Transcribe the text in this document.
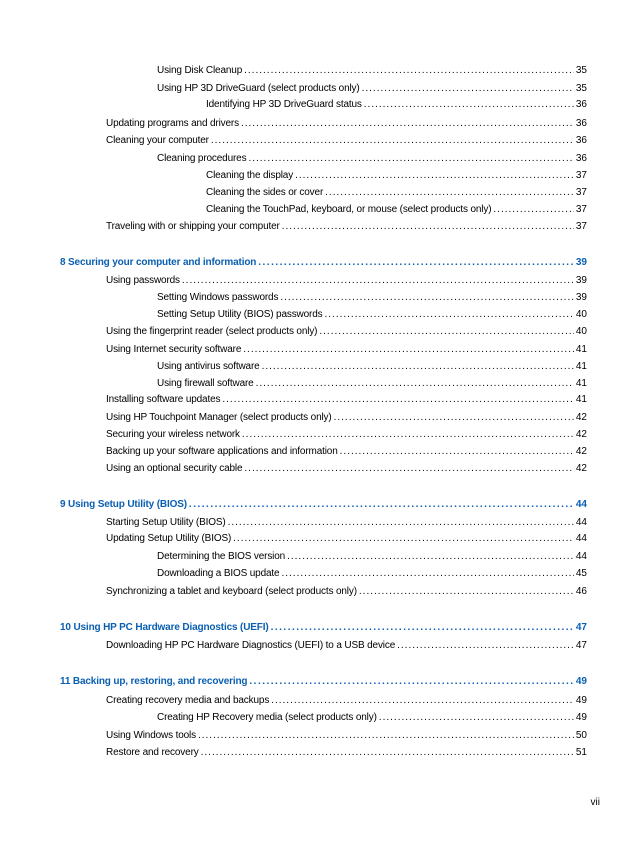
Using Disk Cleanup .....	35
Using HP 3D DriveGuard (select products only) .....	35
Identifying HP 3D DriveGuard status .....	36
Updating programs and drivers .....	36
Cleaning your computer .....	36
Cleaning procedures .....	36
Cleaning the display .....	37
Cleaning the sides or cover .....	37
Cleaning the TouchPad, keyboard, or mouse (select products only) .....	37
Traveling with or shipping your computer .....	37
8 Securing your computer and information .....	39
Using passwords .....	39
Setting Windows passwords .....	39
Setting Setup Utility (BIOS) passwords .....	40
Using the fingerprint reader (select products only) .....	40
Using Internet security software .....	41
Using antivirus software .....	41
Using firewall software .....	41
Installing software updates .....	41
Using HP Touchpoint Manager (select products only) .....	42
Securing your wireless network .....	42
Backing up your software applications and information .....	42
Using an optional security cable .....	42
9 Using Setup Utility (BIOS) .....	44
Starting Setup Utility (BIOS) .....	44
Updating Setup Utility (BIOS) .....	44
Determining the BIOS version .....	44
Downloading a BIOS update .....	45
Synchronizing a tablet and keyboard (select products only) .....	46
10 Using HP PC Hardware Diagnostics (UEFI) .....	47
Downloading HP PC Hardware Diagnostics (UEFI) to a USB device .....	47
11 Backing up, restoring, and recovering .....	49
Creating recovery media and backups .....	49
Creating HP Recovery media (select products only) .....	49
Using Windows tools .....	50
Restore and recovery .....	51
vii
